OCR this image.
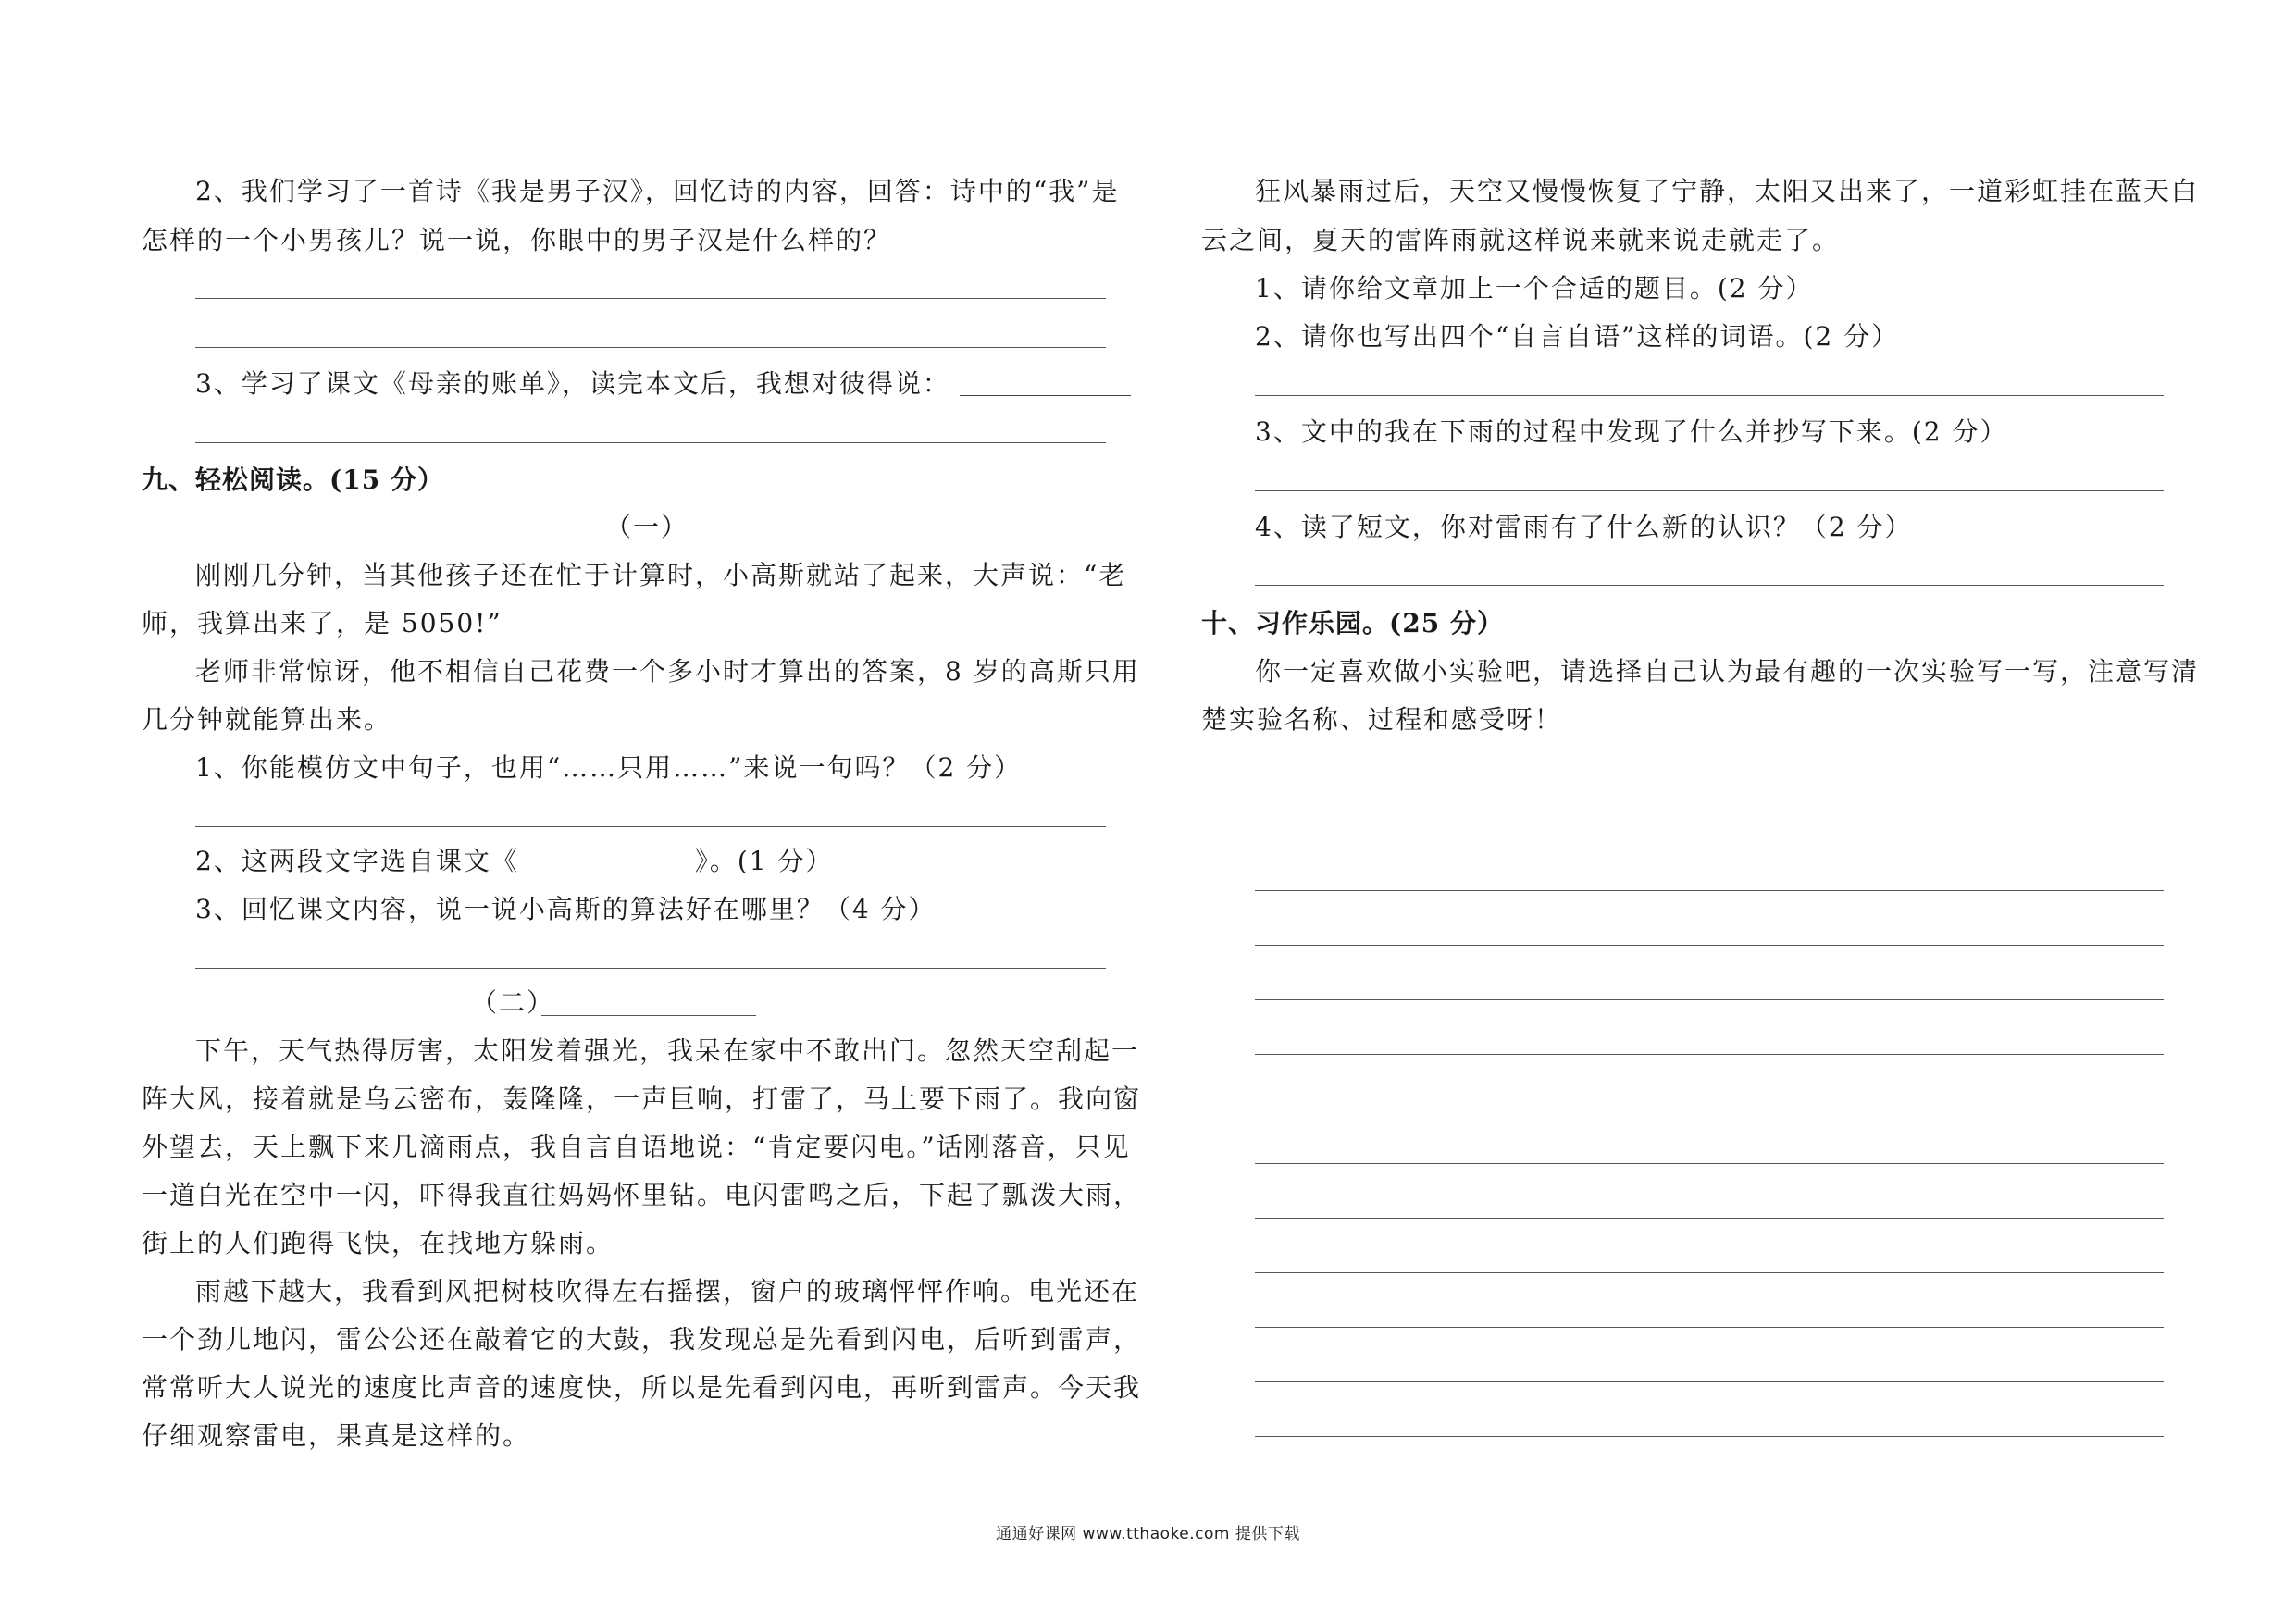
2、我们学习了一首诗《我是男子汉》，回忆诗的内容，回答：诗中的“我”是
怎样的一个小男孩儿？说一说，你眼中的男子汉是什么样的？
3、学习了课文《母亲的账单》，读完本文后，我想对彼得说：
九、轻松阅读。(15 分）
（一）
刚刚几分钟，当其他孩子还在忙于计算时，小高斯就站了起来，大声说：“老
师，我算出来了，是 5050!”
老师非常惊讶，他不相信自己花费一个多小时才算出的答案，8 岁的高斯只用
几分钟就能算出来。
1、你能模仿文中句子，也用“……只用……”来说一句吗？（2 分）
2、这两段文字选自课文《	》。(1 分）
3、回忆课文内容，说一说小高斯的算法好在哪里？（4 分）
（二）
下午，天气热得厉害，太阳发着强光，我呆在家中不敢出门。忽然天空刮起一
阵大风，接着就是乌云密布，轰隆隆，一声巨响，打雷了，马上要下雨了。我向窗
外望去，天上飘下来几滴雨点，我自言自语地说：“肯定要闪电。”话刚落音，只见
一道白光在空中一闪，吓得我直往妈妈怀里钻。电闪雷鸣之后，下起了瓢泼大雨，
街上的人们跑得飞快，在找地方躲雨。
雨越下越大，我看到风把树枝吹得左右摇摆，窗户的玻璃怦怦作响。电光还在
一个劲儿地闪，雷公公还在敲着它的大鼓，我发现总是先看到闪电，后听到雷声，
常常听大人说光的速度比声音的速度快，所以是先看到闪电，再听到雷声。今天我
仔细观察雷电，果真是这样的。
狂风暴雨过后，天空又慢慢恢复了宁静，太阳又出来了，一道彩虹挂在蓝天白
云之间，夏天的雷阵雨就这样说来就来说走就走了。
1、请你给文章加上一个合适的题目。(2 分）
2、请你也写出四个“自言自语”这样的词语。(2 分）
3、文中的我在下雨的过程中发现了什么并抄写下来。(2 分）
4、读了短文，你对雷雨有了什么新的认识？（2 分）
十、习作乐园。(25 分）
你一定喜欢做小实验吧，请选择自己认为最有趣的一次实验写一写，注意写清
楚实验名称、过程和感受呀！
通通好课网 www.tthaoke.com 提供下载
